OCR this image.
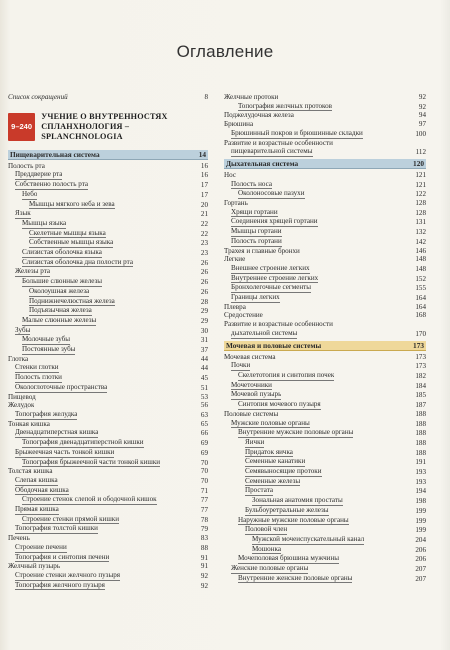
Оглавление
Список сокращений	8
9–240
УЧЕНИЕ О ВНУТРЕННОСТЯХ
СПЛАНХНОЛОГИЯ – SPLANCHNOLOGIA
Пищеварительная система	14
Полость рта	16
Преддверие рта	16
Собственно полость рта	17
Небо	17
Мышцы мягкого неба и зева	20
Язык	21
Мышцы языка	22
Скелетные мышцы языка	22
Собственные мышцы языка	23
Слизистая оболочка языка	23
Слизистая оболочка дна полости рта	26
Железы рта	26
Большие слюнные железы	26
Околоушная железа	26
Поднижнечелюстная железа	28
Подъязычная железа	29
Малые слюнные железы	29
Зубы	30
Молочные зубы	31
Постоянные зубы	37
Глотка	44
Стенки глотки	44
Полость глотки	45
Окологлоточные пространства	51
Пищевод	53
Желудок	56
Топография желудка	63
Тонкая кишка	65
Двенадцатиперстная кишка	66
Топография двенадцатиперстной кишки	69
Брыжеечная часть тонкой кишки	69
Топография брыжеечной части тонкой кишки	70
Толстая кишка	70
Слепая кишка	70
Ободочная кишка	71
Строение стенок слепой и ободочной кишок	77
Прямая кишка	77
Строение стенки прямой кишки	78
Топография толстой кишки	79
Печень	83
Строение печени	88
Топография и синтопия печени	91
Желчный пузырь	91
Строение стенки желчного пузыря	92
Топография желчного пузыря	92
Желчные протоки	92
Топография желчных протоков	92
Поджелудочная железа	94
Брюшина	97
Брюшинный покров и брюшинные складки	100
Развитие и возрастные особенности
пищеварительной системы	112
Дыхательная система	120
Нос	121
Полость носа	121
Околоносовые пазухи	122
Гортань	128
Хрящи гортани	128
Соединения хрящей гортани	131
Мышцы гортани	132
Полость гортани	142
Трахея и главные бронхи	146
Легкие	148
Внешнее строение легких	148
Внутреннее строение легких	152
Бронхолегочные сегменты	155
Границы легких	164
Плевра	164
Средостение	168
Развитие и возрастные особенности
дыхательной системы	170
Мочевая и половые системы	173
Мочевая система	173
Почки	173
Скелетотопия и синтопия почек	182
Мочеточники	184
Мочевой пузырь	185
Синтопия мочевого пузыря	187
Половые системы	188
Мужские половые органы	188
Внутренние мужские половые органы	188
Яички	188
Придаток яичка	188
Семенные канатики	191
Семявыносящие протоки	193
Семенные железы	193
Простата	194
Зональная анатомия простаты	198
Бульбоуретральные железы	199
Наружные мужские половые органы	199
Половой член	199
Мужской мочеиспускательный канал	204
Мошонка	206
Мочеполовая брюшина мужчины	206
Женские половые органы	207
Внутренние женские половые органы	207
